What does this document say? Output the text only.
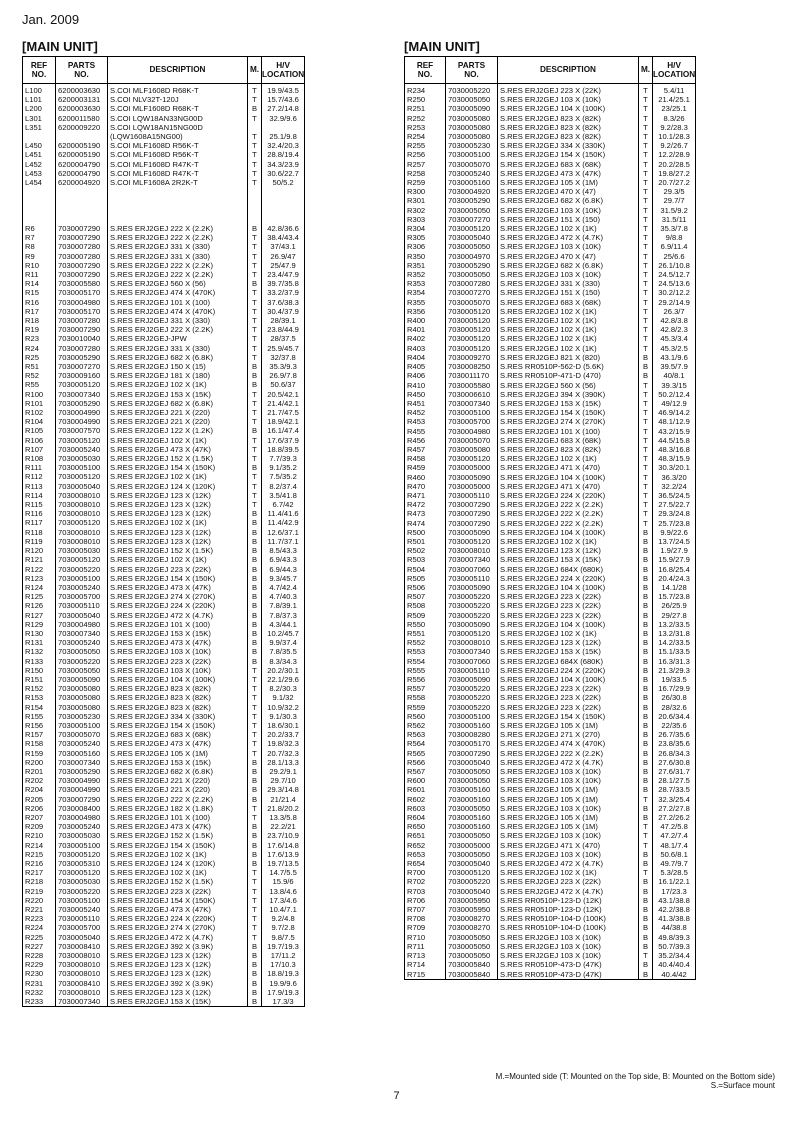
Jan. 2009
[MAIN UNIT]	[MAIN UNIT]
REF
NO.	PARTS
NO.	DESCRIPTION	M.	H/V
LOCATION
L100	6200003630	S.COI MLF1608D R68K-T	T	19.9/43.5
L101	6200003131	S.COI NLV32T-120J	T	15.7/43.6
L200	6200003630	S.COI MLF1608D R68K-T	B	27.2/14.8
L301	6200011580	S.COI LQW18AN33NG00D	T	32.9/9.6
L351	6200009220	S.COI LQW18AN15NG00D		
		(LQW1608A15NG00)	T	25.1/9.8
L450	6200005190	S.COI MLF1608D R56K-T	T	32.4/20.3
L451	6200005190	S.COI MLF1608D R56K-T	T	28.8/19.4
L452	6200004790	S.COI MLF1608D R47K-T	T	34.3/23.9
L453	6200004790	S.COI MLF1608D R47K-T	T	30.6/22.7
L454	6200004920	S.COI MLF1608A 2R2K-T	T	50/5.2

R6	7030007290	S.RES ERJ2GEJ 222 X (2.2K)	B	42.8/36.6
R7	7030007290	S.RES ERJ2GEJ 222 X (2.2K)	T	38.4/43.4
R8	7030007280	S.RES ERJ2GEJ 331 X (330)	T	37/43.1
R9	7030007280	S.RES ERJ2GEJ 331 X (330)	T	26.9/47
R10	7030007290	S.RES ERJ2GEJ 222 X (2.2K)	T	25/47.9
R11	7030007290	S.RES ERJ2GEJ 222 X (2.2K)	T	23.4/47.9
R14	7030005580	S.RES ERJ2GEJ 560 X (56)	B	39.7/35.8
R15	7030005170	S.RES ERJ2GEJ 474 X (470K)	T	33.2/37.9
R16	7030004980	S.RES ERJ2GEJ 101 X (100)	T	37.6/38.3
R17	7030005170	S.RES ERJ2GEJ 474 X (470K)	T	30.4/37.9
R18	7030007280	S.RES ERJ2GEJ 331 X (330)	T	28/39.1
R19	7030007290	S.RES ERJ2GEJ 222 X (2.2K)	T	23.8/44.9
R23	7030010040	S.RES ERJ2GEJ-JPW	T	28/37.5
R24	7030007280	S.RES ERJ2GEJ 331 X (330)	T	25.9/45.7
R25	7030005290	S.RES ERJ2GEJ 682 X (6.8K)	T	32/37.8
R51	7030007270	S.RES ERJ2GEJ 150 X (15)	B	35.3/9.3
R52	7030009160	S.RES ERJ2GEJ 181 X (180)	B	26.9/7.8
R55	7030005120	S.RES ERJ2GEJ 102 X (1K)	B	50.6/37
R100	7030007340	S.RES ERJ2GEJ 153 X (15K)	T	20.5/42.1
R101	7030005290	S.RES ERJ2GEJ 682 X (6.8K)	T	21.4/42.1
R102	7030004990	S.RES ERJ2GEJ 221 X (220)	T	21.7/47.5
R104	7030004990	S.RES ERJ2GEJ 221 X (220)	T	18.9/42.1
R105	7030007570	S.RES ERJ2GEJ 122 X (1.2K)	B	16.1/47.4
R106	7030005120	S.RES ERJ2GEJ 102 X (1K)	T	17.6/37.9
R107	7030005240	S.RES ERJ2GEJ 473 X (47K)	T	18.8/39.5
R108	7030005030	S.RES ERJ2GEJ 152 X (1.5K)	T	7.7/39.3
R111	7030005100	S.RES ERJ2GEJ 154 X (150K)	B	9.1/35.2
R112	7030005120	S.RES ERJ2GEJ 102 X (1K)	T	7.5/35.2
R113	7030005040	S.RES ERJ2GEJ 124 X (120K)	T	8.2/37.4
R114	7030008010	S.RES ERJ2GEJ 123 X (12K)	T	3.5/41.8
R115	7030008010	S.RES ERJ2GEJ 123 X (12K)	T	6.7/42
R116	7030008010	S.RES ERJ2GEJ 123 X (12K)	B	11.4/41.6
R117	7030005120	S.RES ERJ2GEJ 102 X (1K)	B	11.4/42.9
R118	7030008010	S.RES ERJ2GEJ 123 X (12K)	B	12.6/37.1
R119	7030008010	S.RES ERJ2GEJ 123 X (12K)	B	11.7/37.1
R120	7030005030	S.RES ERJ2GEJ 152 X (1.5K)	B	8.5/43.3
R121	7030005120	S.RES ERJ2GEJ 102 X (1K)	B	6.9/43.3
R122	7030005220	S.RES ERJ2GEJ 223 X (22K)	B	6.9/44.3
R123	7030005100	S.RES ERJ2GEJ 154 X (150K)	B	9.3/45.7
R124	7030005240	S.RES ERJ2GEJ 473 X (47K)	B	4.7/42.4
R125	7030005700	S.RES ERJ2GEJ 274 X (270K)	B	4.7/40.3
R126	7030005110	S.RES ERJ2GEJ 224 X (220K)	B	7.8/39.1
R127	7030005040	S.RES ERJ2GEJ 472 X (4.7K)	B	7.8/37.3
R129	7030004980	S.RES ERJ2GEJ 101 X (100)	B	4.3/44.1
R130	7030007340	S.RES ERJ2GEJ 153 X (15K)	B	10.2/45.7
R131	7030005240	S.RES ERJ2GEJ 473 X (47K)	B	9.9/37.4
R132	7030005050	S.RES ERJ2GEJ 103 X (10K)	B	7.8/35.5
R133	7030005220	S.RES ERJ2GEJ 223 X (22K)	B	8.3/34.3
R150	7030005050	S.RES ERJ2GEJ 103 X (10K)	T	20.2/30.1
R151	7030005090	S.RES ERJ2GEJ 104 X (100K)	T	22.1/29.6
R152	7030005080	S.RES ERJ2GEJ 823 X (82K)	T	8.2/30.3
R153	7030005080	S.RES ERJ2GEJ 823 X (82K)	T	9.1/32
R154	7030005080	S.RES ERJ2GEJ 823 X (82K)	T	10.9/32.2
R155	7030005230	S.RES ERJ2GEJ 334 X (330K)	T	9.1/30.3
R156	7030005100	S.RES ERJ2GEJ 154 X (150K)	T	18.6/30.1
R157	7030005070	S.RES ERJ2GEJ 683 X (68K)	T	20.2/33.7
R158	7030005240	S.RES ERJ2GEJ 473 X (47K)	T	19.8/32.3
R159	7030005160	S.RES ERJ2GEJ 105 X (1M)	T	20.7/32.3
R200	7030007340	S.RES ERJ2GEJ 153 X (15K)	B	28.1/13.3
R201	7030005290	S.RES ERJ2GEJ 682 X (6.8K)	B	29.2/9.1
R202	7030004990	S.RES ERJ2GEJ 221 X (220)	B	29.7/10
R204	7030004990	S.RES ERJ2GEJ 221 X (220)	B	29.3/14.8
R205	7030007290	S.RES ERJ2GEJ 222 X (2.2K)	B	21/21.4
R206	7030008400	S.RES ERJ2GEJ 182 X (1.8K)	T	21.8/20.2
R207	7030004980	S.RES ERJ2GEJ 101 X (100)	T	13.3/5.8
R209	7030005240	S.RES ERJ2GEJ 473 X (47K)	B	22.2/21
R210	7030005030	S.RES ERJ2GEJ 152 X (1.5K)	B	23.7/10.9
R214	7030005100	S.RES ERJ2GEJ 154 X (150K)	B	17.6/14.8
R215	7030005120	S.RES ERJ2GEJ 102 X (1K)	B	17.6/13.9
R216	7030005310	S.RES ERJ2GEJ 124 X (120K)	B	19.7/13.5
R217	7030005120	S.RES ERJ2GEJ 102 X (1K)	T	14.7/5.5
R218	7030005030	S.RES ERJ2GEJ 152 X (1.5K)	T	15.9/6
R219	7030005220	S.RES ERJ2GEJ 223 X (22K)	T	13.8/4.6
R220	7030005100	S.RES ERJ2GEJ 154 X (150K)	T	17.3/4.6
R221	7030005240	S.RES ERJ2GEJ 473 X (47K)	T	10.4/7.1
R223	7030005110	S.RES ERJ2GEJ 224 X (220K)	T	9.2/4.8
R224	7030005700	S.RES ERJ2GEJ 274 X (270K)	T	9.7/2.8
R225	7030005040	S.RES ERJ2GEJ 472 X (4.7K)	T	9.8/7.5
R227	7030008410	S.RES ERJ2GEJ 392 X (3.9K)	B	19.7/19.3
R228	7030008010	S.RES ERJ2GEJ 123 X (12K)	B	17/11.2
R229	7030008010	S.RES ERJ2GEJ 123 X (12K)	B	17/10.3
R230	7030008010	S.RES ERJ2GEJ 123 X (12K)	B	18.8/19.3
R231	7030008410	S.RES ERJ2GEJ 392 X (3.9K)	B	19.9/9.6
R232	7030008010	S.RES ERJ2GEJ 123 X (12K)	B	17.9/19.3
R233	7030007340	S.RES ERJ2GEJ 153 X (15K)	B	17.3/3
REF
NO.	PARTS
NO.	DESCRIPTION	M.	H/V
LOCATION
R234	7030005220	S.RES ERJ2GEJ 223 X (22K)	T	5.4/11
R250	7030005050	S.RES ERJ2GEJ 103 X (10K)	T	21.4/25.1
R251	7030005090	S.RES ERJ2GEJ 104 X (100K)	T	23/25.1
R252	7030005080	S.RES ERJ2GEJ 823 X (82K)	T	8.3/26
R253	7030005080	S.RES ERJ2GEJ 823 X (82K)	T	9.2/28.3
R254	7030005080	S.RES ERJ2GEJ 823 X (82K)	T	10.1/28.3
R255	7030005230	S.RES ERJ2GEJ 334 X (330K)	T	9.2/26.7
R256	7030005100	S.RES ERJ2GEJ 154 X (150K)	T	12.2/28.9
R257	7030005070	S.RES ERJ2GEJ 683 X (68K)	T	20.2/28.5
R258	7030005240	S.RES ERJ2GEJ 473 X (47K)	T	19.8/27.2
R259	7030005160	S.RES ERJ2GEJ 105 X (1M)	T	20.7/27.2
R300	7030004920	S.RES ERJ2GEJ 470 X (47)	T	29.3/5
R301	7030005290	S.RES ERJ2GEJ 682 X (6.8K)	T	29.7/7
R302	7030005050	S.RES ERJ2GEJ 103 X (10K)	T	31.5/9.2
R303	7030007270	S.RES ERJ2GEJ 151 X (150)	T	31.5/11
R304	7030005120	S.RES ERJ2GEJ 102 X (1K)	T	35.3/7.8
R305	7030005040	S.RES ERJ2GEJ 472 X (4.7K)	T	9/8.8
R306	7030005050	S.RES ERJ2GEJ 103 X (10K)	T	6.9/11.4
R350	7030004970	S.RES ERJ2GEJ 470 X (47)	T	25/6.6
R351	7030005290	S.RES ERJ2GEJ 682 X (6.8K)	T	26.1/10.8
R352	7030005050	S.RES ERJ2GEJ 103 X (10K)	T	24.5/12.7
R353	7030007280	S.RES ERJ2GEJ 331 X (330)	T	24.5/13.6
R354	7030007270	S.RES ERJ2GEJ 151 X (150)	T	30.2/12.2
R355	7030005070	S.RES ERJ2GEJ 683 X (68K)	T	29.2/14.9
R356	7030005120	S.RES ERJ2GEJ 102 X (1K)	T	26.3/7
R400	7030005120	S.RES ERJ2GEJ 102 X (1K)	T	42.8/3.8
R401	7030005120	S.RES ERJ2GEJ 102 X (1K)	T	42.8/2.3
R402	7030005120	S.RES ERJ2GEJ 102 X (1K)	T	45.3/3.4
R403	7030005120	S.RES ERJ2GEJ 102 X (1K)	T	45.3/2.5
R404	7030009270	S.RES ERJ2GEJ 821 X (820)	B	43.1/9.6
R405	7030008250	S.RES RR0510P-562-D (5.6K)	B	39.5/7.9
R406	7030011170	S.RES RR0510P-471-D (470)	B	40/8.1
R410	7030005580	S.RES ERJ2GEJ 560 X (56)	T	39.3/15
R450	7030006610	S.RES ERJ2GEJ 394 X (390K)	T	50.2/12.4
R451	7030007340	S.RES ERJ2GEJ 153 X (15K)	T	49/12.9
R452	7030005100	S.RES ERJ2GEJ 154 X (150K)	T	46.9/14.2
R453	7030005700	S.RES ERJ2GEJ 274 X (270K)	T	48.1/12.9
R455	7030004980	S.RES ERJ2GEJ 101 X (100)	T	43.2/15.9
R456	7030005070	S.RES ERJ2GEJ 683 X (68K)	T	44.5/15.8
R457	7030005080	S.RES ERJ2GEJ 823 X (82K)	T	48.3/16.8
R458	7030005120	S.RES ERJ2GEJ 102 X (1K)	T	48.3/15.9
R459	7030005000	S.RES ERJ2GEJ 471 X (470)	T	30.3/20.1
R460	7030005090	S.RES ERJ2GEJ 104 X (100K)	T	36.3/20
R470	7030005000	S.RES ERJ2GEJ 471 X (470)	T	32.2/24
R471	7030005110	S.RES ERJ2GEJ 224 X (220K)	T	36.5/24.5
R472	7030007290	S.RES ERJ2GEJ 222 X (2.2K)	T	27.5/22.7
R473	7030007290	S.RES ERJ2GEJ 222 X (2.2K)	T	29.3/24.8
R474	7030007290	S.RES ERJ2GEJ 222 X (2.2K)	T	25.7/23.8
R500	7030005090	S.RES ERJ2GEJ 104 X (100K)	B	9.9/22.6
R501	7030005120	S.RES ERJ2GEJ 102 X (1K)	B	13.7/24.5
R502	7030008010	S.RES ERJ2GEJ 123 X (12K)	B	1.9/27.9
R503	7030007340	S.RES ERJ2GEJ 153 X (15K)	B	15.9/27.9
R504	7030007060	S.RES ERJ2GEJ 684X (680K)	B	16.8/25.4
R505	7030005110	S.RES ERJ2GEJ 224 X (220K)	B	20.4/24.3
R506	7030005090	S.RES ERJ2GEJ 104 X (100K)	B	14.1/28
R507	7030005220	S.RES ERJ2GEJ 223 X (22K)	B	15.7/23.8
R508	7030005220	S.RES ERJ2GEJ 223 X (22K)	B	26/25.9
R509	7030005220	S.RES ERJ2GEJ 223 X (22K)	B	29/27.8
R550	7030005090	S.RES ERJ2GEJ 104 X (100K)	B	13.2/33.5
R551	7030005120	S.RES ERJ2GEJ 102 X (1K)	B	13.2/31.8
R552	7030008010	S.RES ERJ2GEJ 123 X (12K)	B	14.2/33.5
R553	7030007340	S.RES ERJ2GEJ 153 X (15K)	B	15.1/33.5
R554	7030007060	S.RES ERJ2GEJ 684X (680K)	B	16.3/31.3
R555	7030005110	S.RES ERJ2GEJ 224 X (220K)	B	21.3/29.3
R556	7030005090	S.RES ERJ2GEJ 104 X (100K)	B	19/33.5
R557	7030005220	S.RES ERJ2GEJ 223 X (22K)	B	16.7/29.9
R558	7030005220	S.RES ERJ2GEJ 223 X (22K)	B	26/30.8
R559	7030005220	S.RES ERJ2GEJ 223 X (22K)	B	28/32.6
R560	7030005100	S.RES ERJ2GEJ 154 X (150K)	B	20.6/34.4
R562	7030005160	S.RES ERJ2GEJ 105 X (1M)	B	22/35.6
R563	7030008280	S.RES ERJ2GEJ 271 X (270)	B	26.7/35.6
R564	7030005170	S.RES ERJ2GEJ 474 X (470K)	B	23.8/35.6
R565	7030007290	S.RES ERJ2GEJ 222 X (2.2K)	B	26.8/34.3
R566	7030005040	S.RES ERJ2GEJ 472 X (4.7K)	B	27.6/30.8
R567	7030005050	S.RES ERJ2GEJ 103 X (10K)	B	27.6/31.7
R600	7030005050	S.RES ERJ2GEJ 103 X (10K)	B	28.1/27.5
R601	7030005160	S.RES ERJ2GEJ 105 X (1M)	B	28.7/33.5
R602	7030005160	S.RES ERJ2GEJ 105 X (1M)	T	32.3/25.4
R603	7030005050	S.RES ERJ2GEJ 103 X (10K)	B	27.2/27.8
R604	7030005160	S.RES ERJ2GEJ 105 X (1M)	B	27.2/26.2
R650	7030005160	S.RES ERJ2GEJ 105 X (1M)	T	47.2/5.8
R651	7030005050	S.RES ERJ2GEJ 103 X (10K)	T	47.2/7.4
R652	7030005000	S.RES ERJ2GEJ 471 X (470)	T	48.1/7.4
R653	7030005050	S.RES ERJ2GEJ 103 X (10K)	B	50.6/8.1
R654	7030005040	S.RES ERJ2GEJ 472 X (4.7K)	B	49.7/9.7
R700	7030005120	S.RES ERJ2GEJ 102 X (1K)	T	5.3/28.5
R702	7030005220	S.RES ERJ2GEJ 223 X (22K)	B	16.1/22.1
R703	7030005040	S.RES ERJ2GEJ 472 X (4.7K)	B	17/23.3
R706	7030005950	S.RES RR0510P-123-D (12K)	B	43.1/38.8
R707	7030005950	S.RES RR0510P-123-D (12K)	B	42.2/38.8
R708	7030008270	S.RES RR0510P-104-D (100K)	B	41.3/38.8
R709	7030008270	S.RES RR0510P-104-D (100K)	B	44/38.8
R710	7030005050	S.RES ERJ2GEJ 103 X (10K)	B	49.8/39.3
R711	7030005050	S.RES ERJ2GEJ 103 X (10K)	B	50.7/39.3
R713	7030005050	S.RES ERJ2GEJ 103 X (10K)	T	35.2/34.4
R714	7030005840	S.RES RR0510P-473-D (47K)	B	40.4/40.4
R715	7030005840	S.RES RR0510P-473-D (47K)	B	40.4/42
M.=Mounted side (T: Mounted on the Top side, B: Mounted on the Bottom side)
S.=Surface mount
7
